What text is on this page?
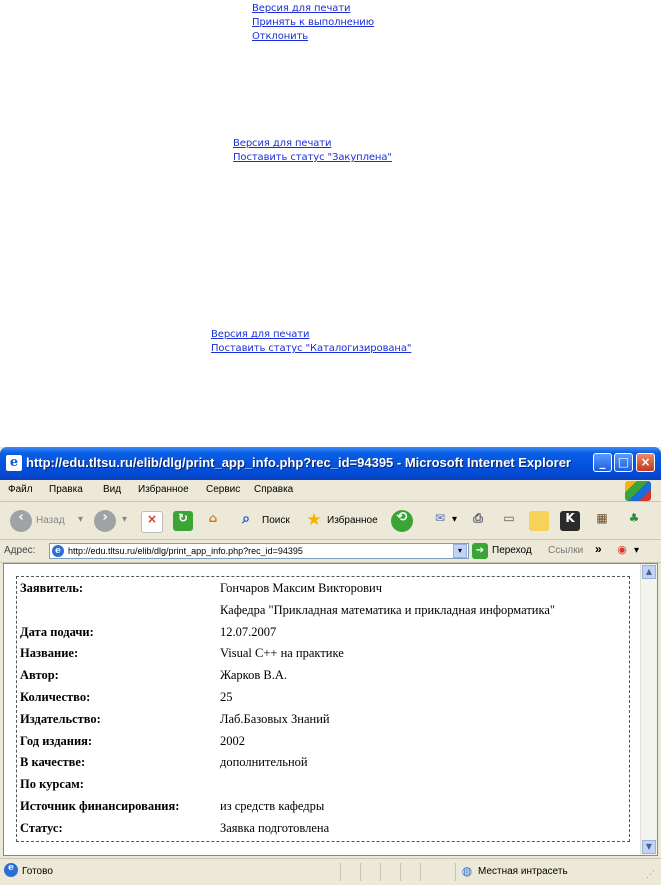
Версия для печати
Принять к выполнению
Отклонить
Версия для печати
Поставить статус "Закуплена"
Версия для печати
Поставить статус "Каталогизирована"
e http://edu.tltsu.ru/elib/dlg/print_app_info.php?rec_id=94395 - Microsoft Internet Explorer	_	□ ×
Файл Правка Вид Избранное Сервис Справка
‹	Назад ▾	›	▾	×	↻	⌂	⌕	Поиск ★ Избранное	⟲	✉ ▾	⎙	▭	K	▦	♣
Адрес:	e http://edu.tltsu.ru/elib/dlg/print_app_info.php?rec_id=94395	▾	➔ Переход Ссылки » ◉ ▾
Заявитель:	Гончаров Максим Викторович
Кафедра "Прикладная математика и прикладная информатика"
Дата подачи:	12.07.2007
Название:	Visual C++ на практике
Автор:	Жарков В.А.
Количество:	25
Издательство:	Лаб.Базовых Знаний
Год издания:	2002
В качестве:	дополнительной
По курсам:
Источник финансирования:	из средств кафедры
Статус:	Заявка подготовлена
▲
▼
e Готово	◍ Местная интрасеть	⋰
